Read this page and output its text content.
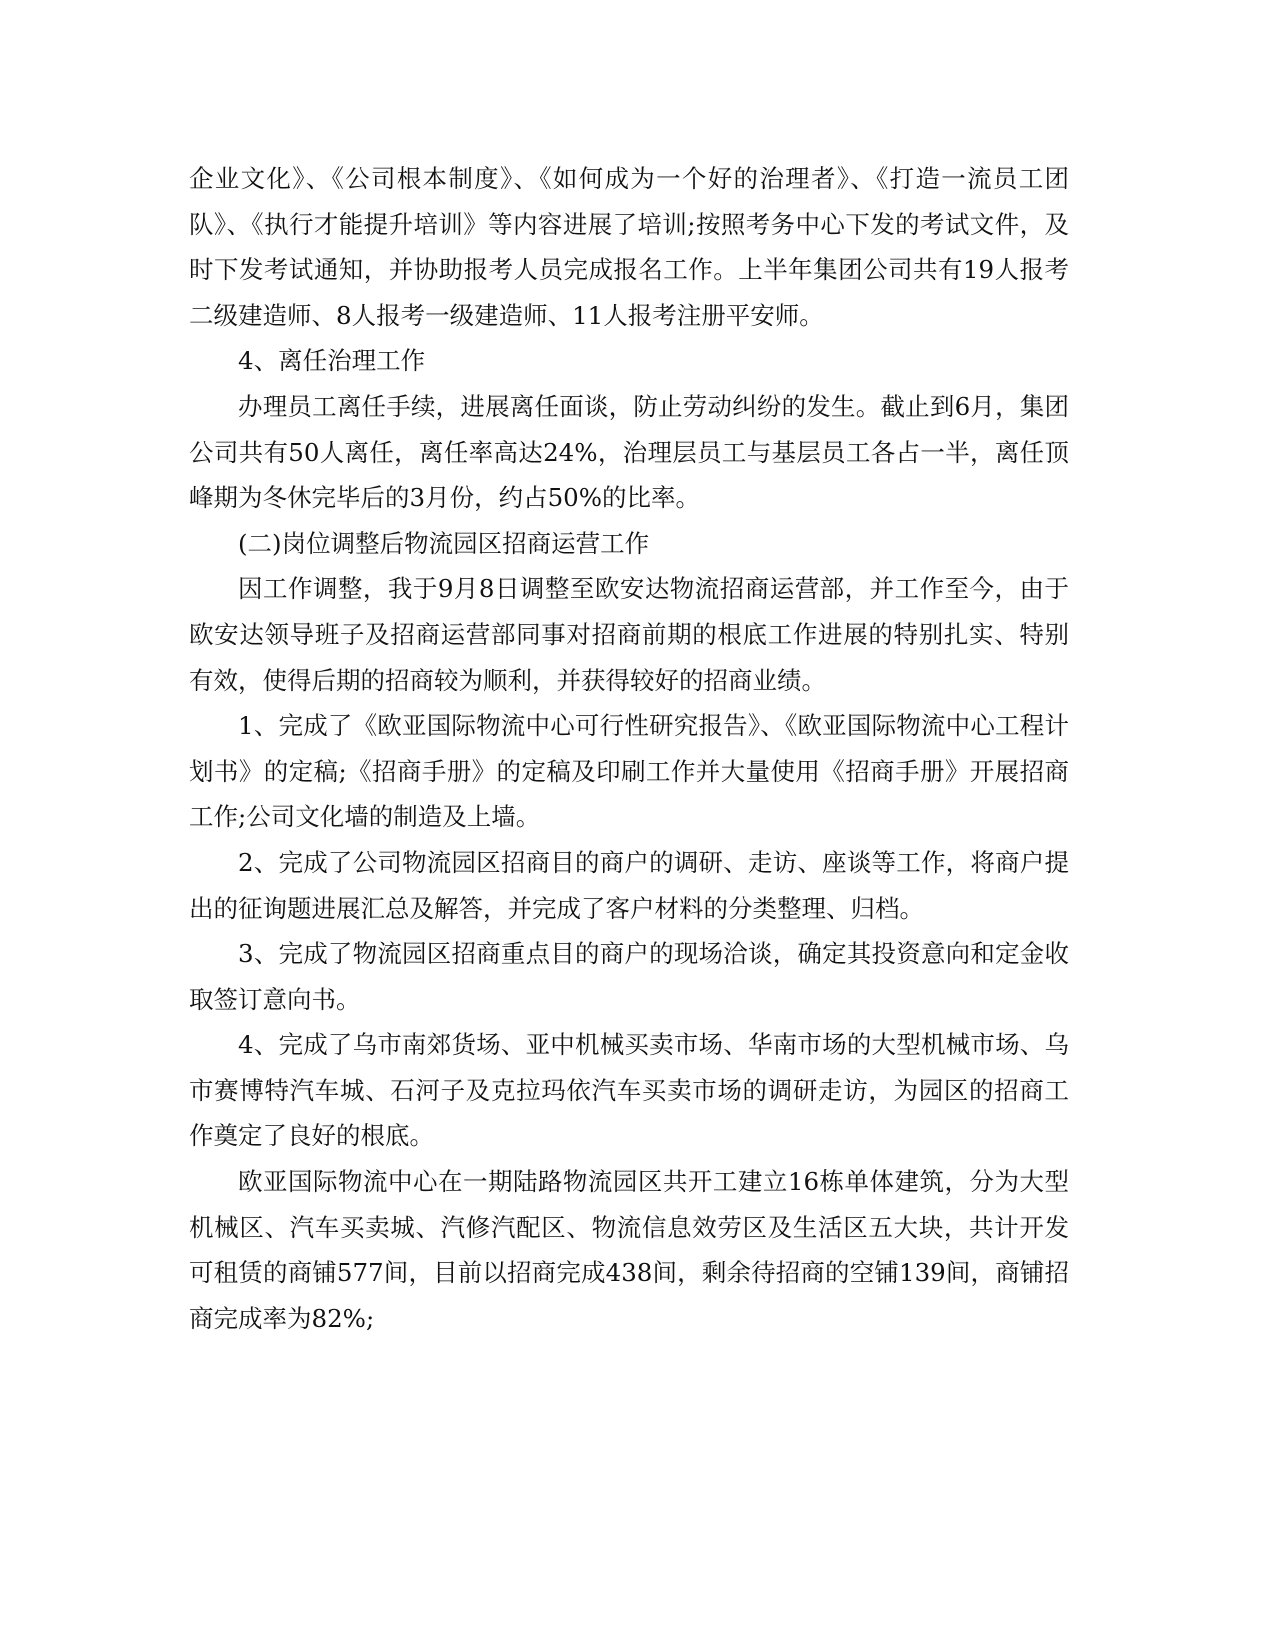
企业文化》、《公司根本制度》、《如何成为一个好的治理者》、《打造一流员工团队》、《执行才能提升培训》等内容进展了培训;按照考务中心下发的考试文件，及时下发考试通知，并协助报考人员完成报名工作。上半年集团公司共有19人报考二级建造师、8人报考一级建造师、11人报考注册平安师。

4、离任治理工作

办理员工离任手续，进展离任面谈，防止劳动纠纷的发生。截止到6月，集团公司共有50人离任，离任率高达24%，治理层员工与基层员工各占一半，离任顶峰期为冬休完毕后的3月份，约占50%的比率。

(二)岗位调整后物流园区招商运营工作

因工作调整，我于9月8日调整至欧安达物流招商运营部，并工作至今，由于欧安达领导班子及招商运营部同事对招商前期的根底工作进展的特别扎实、特别有效，使得后期的招商较为顺利，并获得较好的招商业绩。

1、完成了《欧亚国际物流中心可行性研究报告》、《欧亚国际物流中心工程计划书》的定稿;《招商手册》的定稿及印刷工作并大量使用《招商手册》开展招商工作;公司文化墙的制造及上墙。

2、完成了公司物流园区招商目的商户的调研、走访、座谈等工作，将商户提出的征询题进展汇总及解答，并完成了客户材料的分类整理、归档。

3、完成了物流园区招商重点目的商户的现场洽谈，确定其投资意向和定金收取签订意向书。

4、完成了乌市南郊货场、亚中机械买卖市场、华南市场的大型机械市场、乌市赛博特汽车城、石河子及克拉玛依汽车买卖市场的调研走访，为园区的招商工作奠定了良好的根底。

欧亚国际物流中心在一期陆路物流园区共开工建立16栋单体建筑，分为大型机械区、汽车买卖城、汽修汽配区、物流信息效劳区及生活区五大块，共计开发可租赁的商铺577间，目前以招商完成438间，剩余待招商的空铺139间，商铺招商完成率为82%;
